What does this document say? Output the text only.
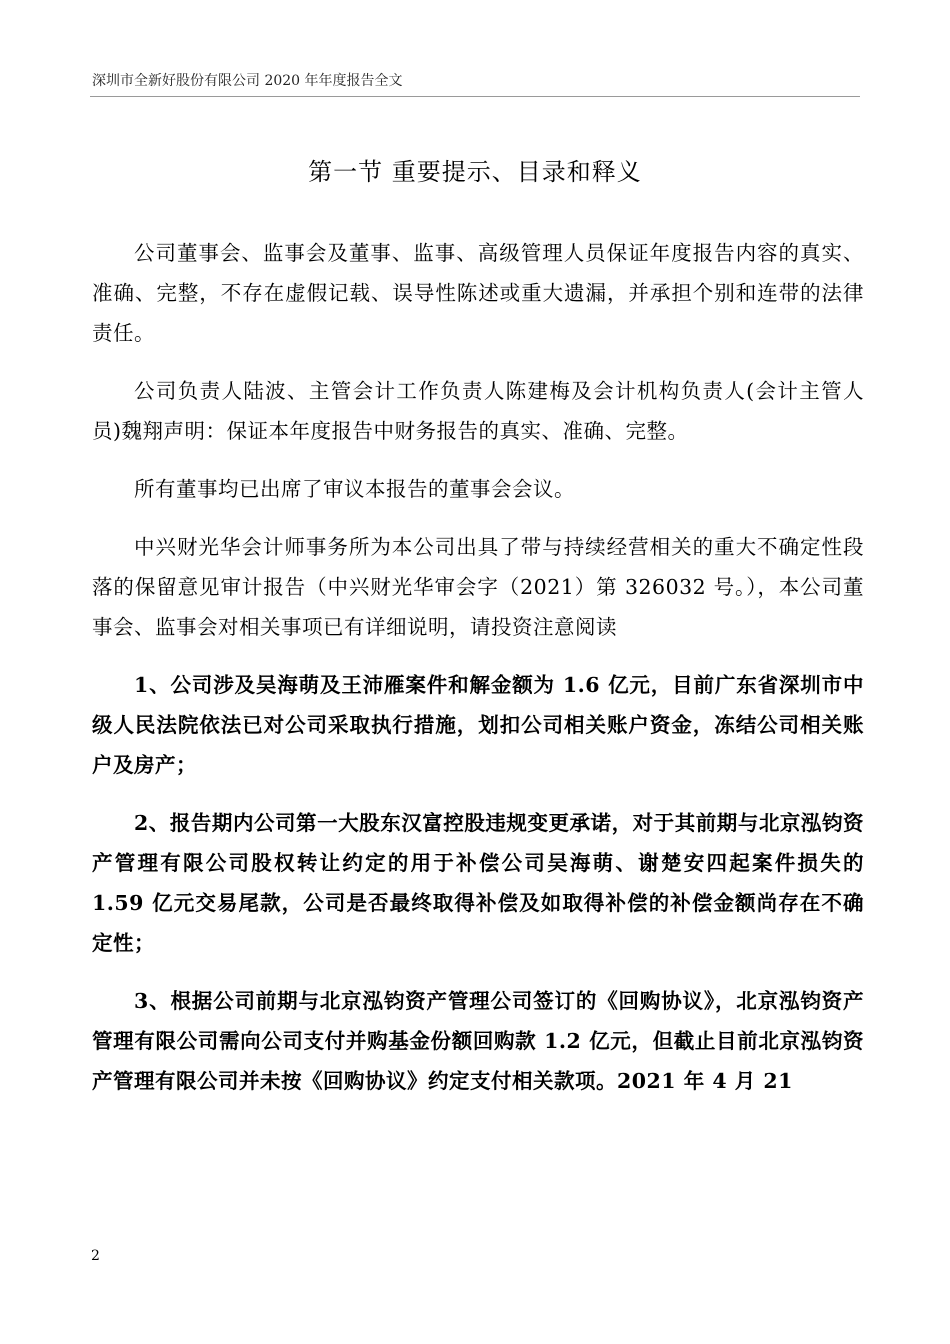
深圳市全新好股份有限公司 2020 年年度报告全文
第一节 重要提示、目录和释义

公司董事会、监事会及董事、监事、高级管理人员保证年度报告内容的真实、准确、完整，不存在虚假记载、误导性陈述或重大遗漏，并承担个别和连带的法律责任。

公司负责人陆波、主管会计工作负责人陈建梅及会计机构负责人(会计主管人员)魏翔声明：保证本年度报告中财务报告的真实、准确、完整。

所有董事均已出席了审议本报告的董事会会议。

中兴财光华会计师事务所为本公司出具了带与持续经营相关的重大不确定性段落的保留意见审计报告（中兴财光华审会字（2021）第 326032 号。），本公司董事会、监事会对相关事项已有详细说明，请投资注意阅读

1、公司涉及吴海萌及王沛雁案件和解金额为 1.6 亿元，目前广东省深圳市中级人民法院依法已对公司采取执行措施，划扣公司相关账户资金，冻结公司相关账户及房产；

2、报告期内公司第一大股东汉富控股违规变更承诺，对于其前期与北京泓钧资产管理有限公司股权转让约定的用于补偿公司吴海萌、谢楚安四起案件损失的 1.59 亿元交易尾款，公司是否最终取得补偿及如取得补偿的补偿金额尚存在不确定性；

3、根据公司前期与北京泓钧资产管理公司签订的《回购协议》，北京泓钧资产管理有限公司需向公司支付并购基金份额回购款 1.2 亿元，但截止目前北京泓钧资产管理有限公司并未按《回购协议》约定支付相关款项。2021 年 4 月 21

2
